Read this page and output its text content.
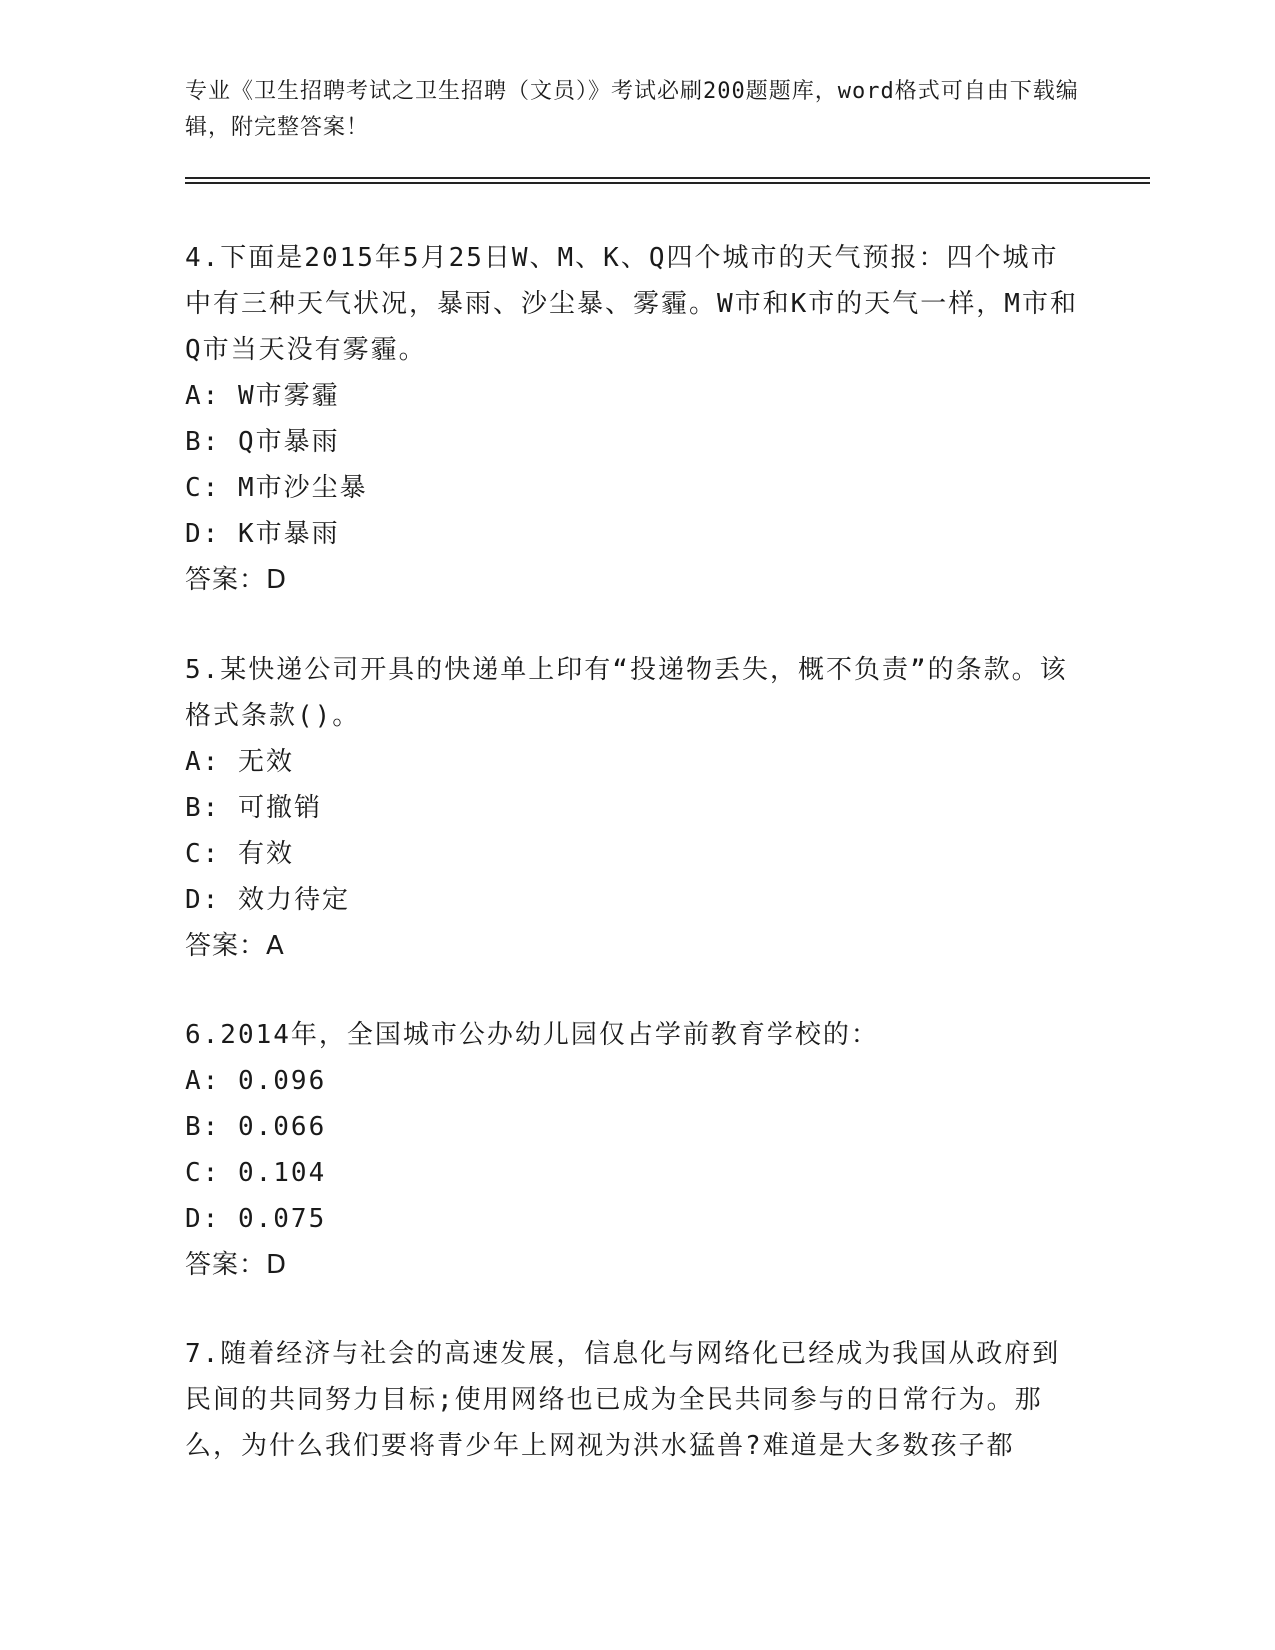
专业《卫生招聘考试之卫生招聘（文员）》考试必刷200题题库，word格式可自由下载编辑，附完整答案！
4.下面是2015年5月25日W、M、K、Q四个城市的天气预报：四个城市中有三种天气状况，暴雨、沙尘暴、雾霾。W市和K市的天气一样，M市和Q市当天没有雾霾。
A: W市雾霾
B: Q市暴雨
C: M市沙尘暴
D: K市暴雨
答案：D
5.某快递公司开具的快递单上印有“投递物丢失，概不负责”的条款。该格式条款()。
A: 无效
B: 可撤销
C: 有效
D: 效力待定
答案：A
6.2014年，全国城市公办幼儿园仅占学前教育学校的：
A: 0.096
B: 0.066
C: 0.104
D: 0.075
答案：D
7.随着经济与社会的高速发展，信息化与网络化已经成为我国从政府到民间的共同努力目标;使用网络也已成为全民共同参与的日常行为。那么，为什么我们要将青少年上网视为洪水猛兽?难道是大多数孩子都
